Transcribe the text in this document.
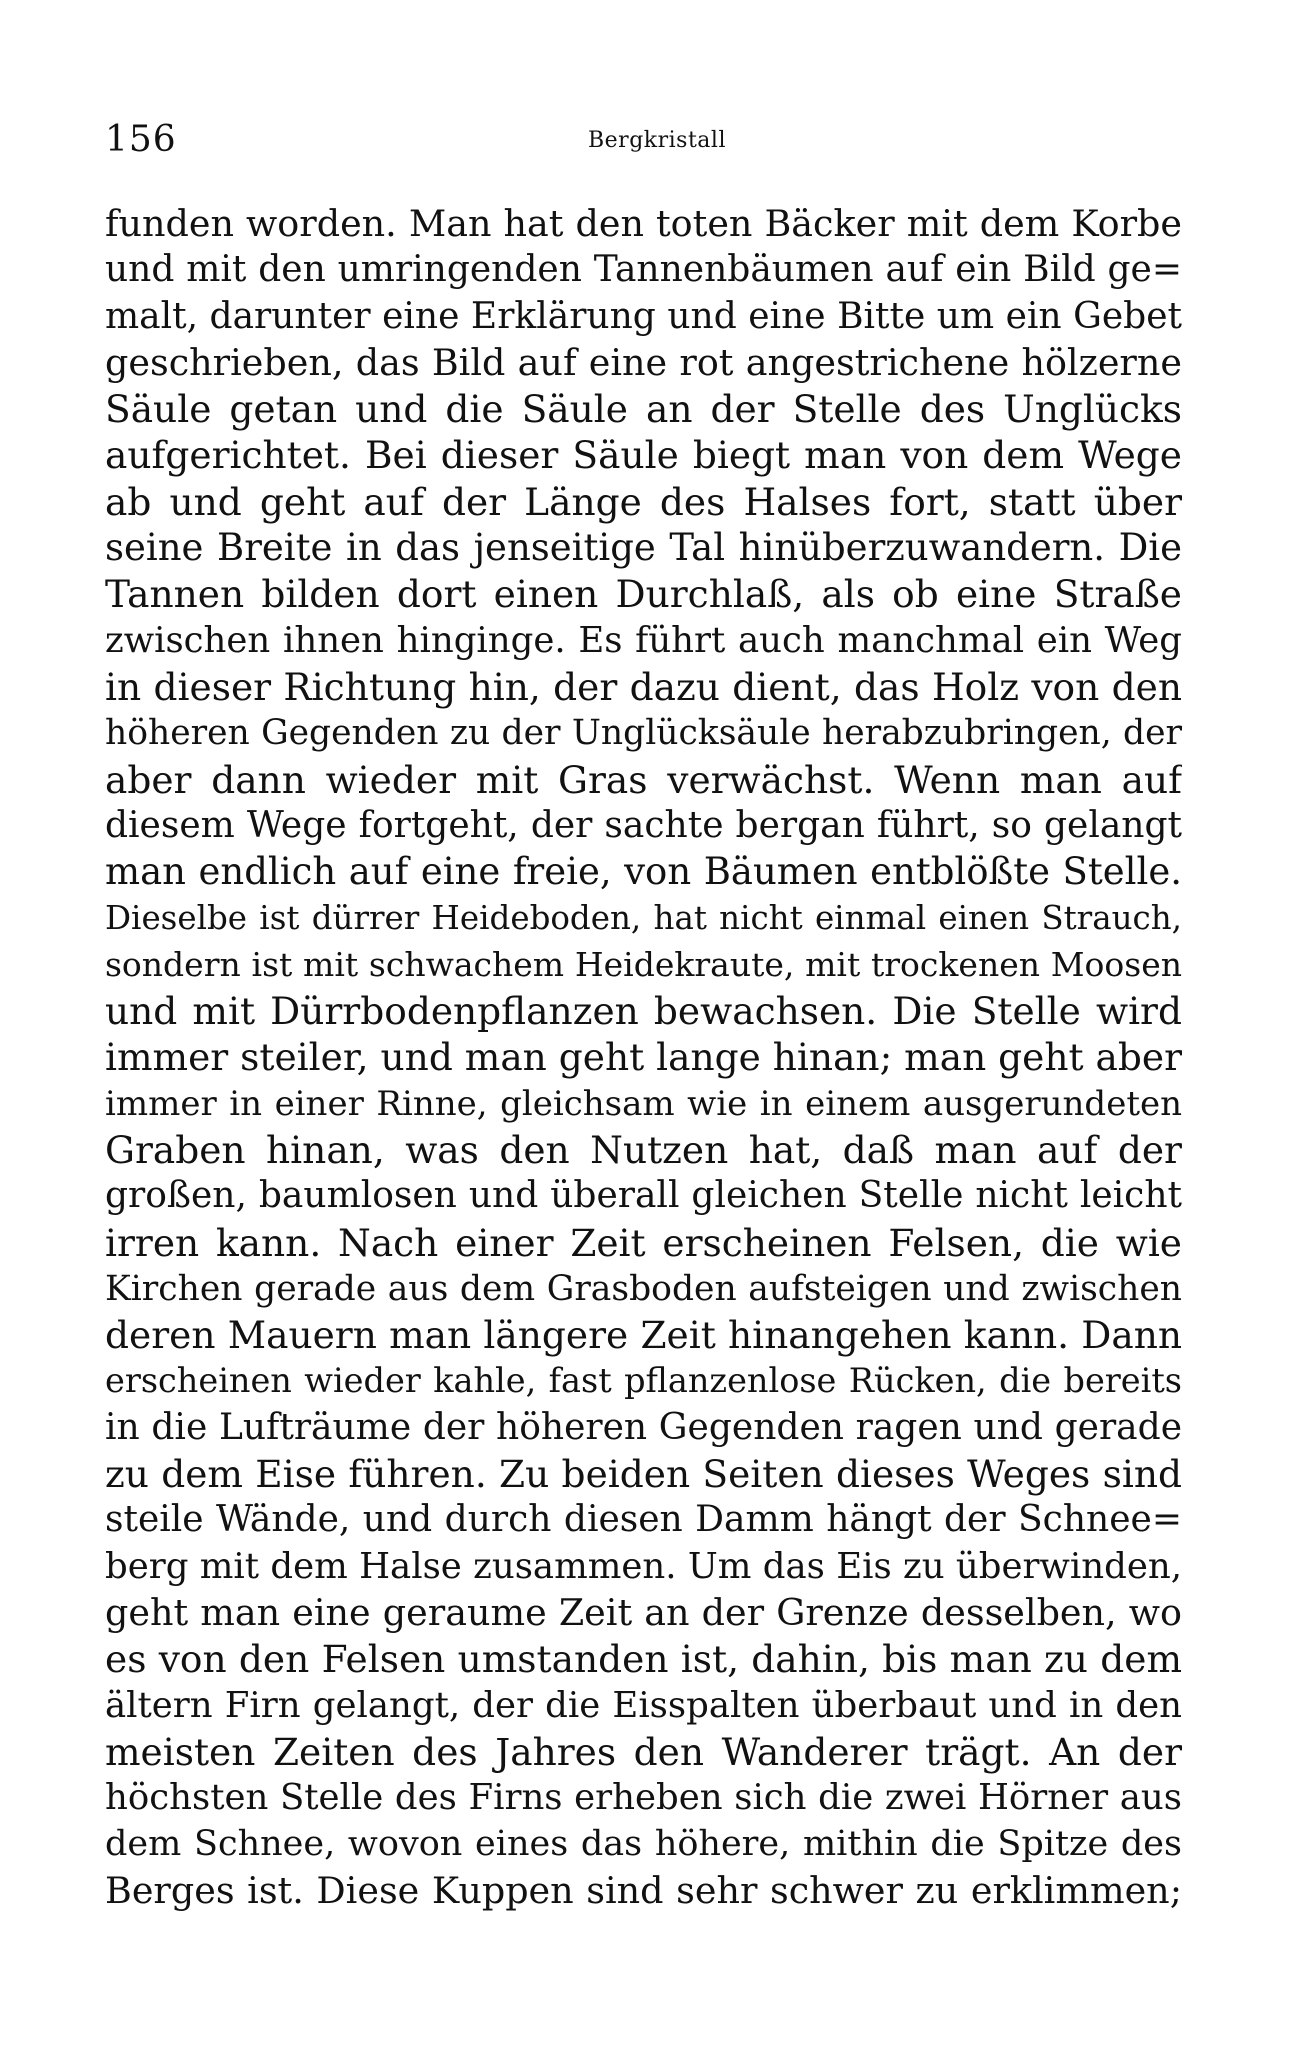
156	Bergkristall
funden worden. Man hat den toten Bäcker mit dem Korbe
und mit den umringenden Tannenbäumen auf ein Bild ge=
malt, darunter eine Erklärung und eine Bitte um ein Gebet
geschrieben, das Bild auf eine rot angestrichene hölzerne
Säule getan und die Säule an der Stelle des Unglücks
aufgerichtet. Bei dieser Säule biegt man von dem Wege
ab und geht auf der Länge des Halses fort, statt über
seine Breite in das jenseitige Tal hinüberzuwandern. Die
Tannen bilden dort einen Durchlaß, als ob eine Straße
zwischen ihnen hinginge. Es führt auch manchmal ein Weg
in dieser Richtung hin, der dazu dient, das Holz von den
höheren Gegenden zu der Unglücksäule herabzubringen, der
aber dann wieder mit Gras verwächst. Wenn man auf
diesem Wege fortgeht, der sachte bergan führt, so gelangt
man endlich auf eine freie, von Bäumen entblößte Stelle.
Dieselbe ist dürrer Heideboden, hat nicht einmal einen Strauch,
sondern ist mit schwachem Heidekraute, mit trockenen Moosen
und mit Dürrbodenpflanzen bewachsen. Die Stelle wird
immer steiler, und man geht lange hinan; man geht aber
immer in einer Rinne, gleichsam wie in einem ausgerundeten
Graben hinan, was den Nutzen hat, daß man auf der
großen, baumlosen und überall gleichen Stelle nicht leicht
irren kann. Nach einer Zeit erscheinen Felsen, die wie
Kirchen gerade aus dem Grasboden aufsteigen und zwischen
deren Mauern man längere Zeit hinangehen kann. Dann
erscheinen wieder kahle, fast pflanzenlose Rücken, die bereits
in die Lufträume der höheren Gegenden ragen und gerade
zu dem Eise führen. Zu beiden Seiten dieses Weges sind
steile Wände, und durch diesen Damm hängt der Schnee=
berg mit dem Halse zusammen. Um das Eis zu überwinden,
geht man eine geraume Zeit an der Grenze desselben, wo
es von den Felsen umstanden ist, dahin, bis man zu dem
ältern Firn gelangt, der die Eisspalten überbaut und in den
meisten Zeiten des Jahres den Wanderer trägt. An der
höchsten Stelle des Firns erheben sich die zwei Hörner aus
dem Schnee, wovon eines das höhere, mithin die Spitze des
Berges ist. Diese Kuppen sind sehr schwer zu erklimmen;
